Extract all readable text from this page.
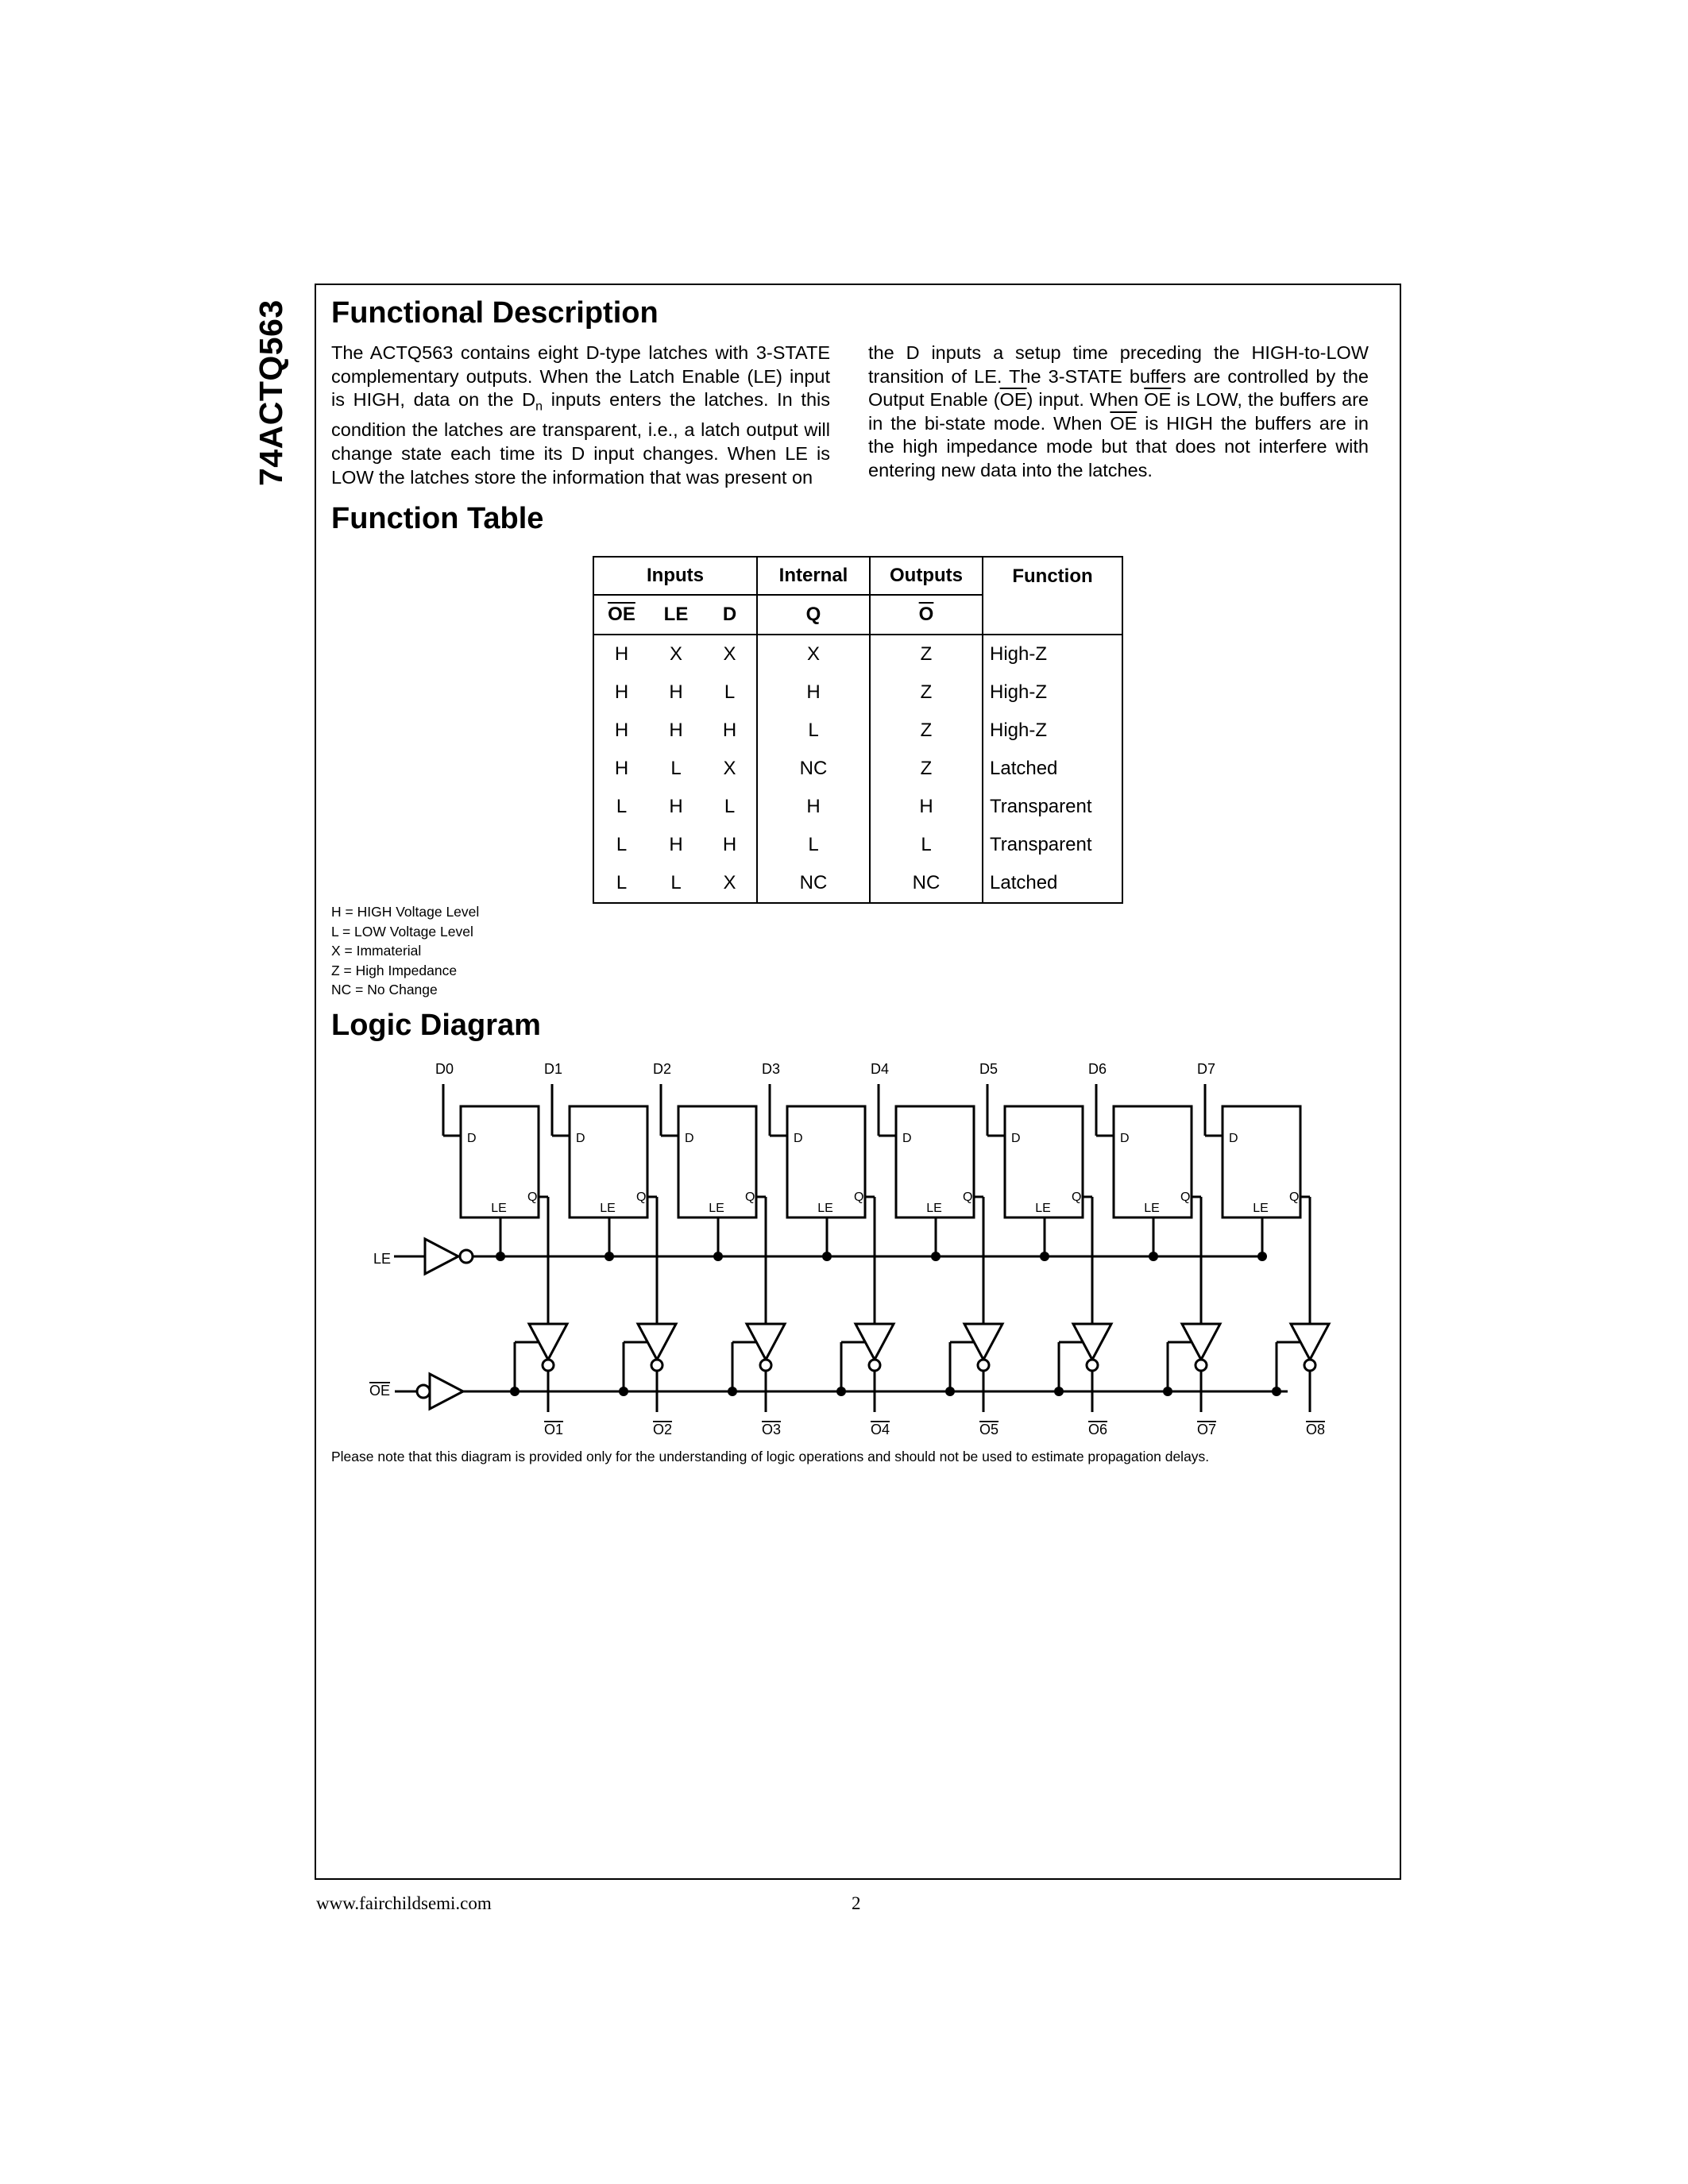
74ACTQ563	Functional Description
The ACTQ563 contains eight D-type latches with 3-STATE complementary outputs. When the Latch Enable (LE) input is HIGH, data on the $D_n$ inputs enters the latches. In this condition the latches are transparent, i.e., a latch output will change state each time its D input changes. When LE is LOW the latches store the information that was present on
the D inputs a setup time preceding the HIGH-to-LOW transition of LE. The 3-STATE buffers are controlled by the Output Enable $(\overline{OE})$ input. When $\overline{OE}$ is LOW, the buffers are in the bi-state mode. When $\overline{OE}$ is HIGH the buffers are in the high impedance mode but that does not interfere with entering new data into the latches.
Function Table
Inputs			Internal	Outputs	Function
$\overline{OE}$	LE	D	Q	$\overline{O}$
H	X	X	X	Z	High-Z
H	H	L	H	Z	High-Z
H	H	H	L	Z	High-Z
H	L	X	NC	Z	Latched
L	H	L	H	H	Transparent
L	H	H	L	L	Transparent
L	L	X	NC	NC	Latched
H = HIGH Voltage Level
L = LOW Voltage Level
X = Immaterial
Z = High Impedance
NC = No Change
Logic Diagram
LE
OE
D0
D
Q
LE
O1
D1
D
Q
LE
O2
D2
D
Q
LE
O3
D3
D
Q
LE
O4
D4
D
Q
LE
O5
D5
D
Q
LE
O6
D6
D
Q
LE
O7
D7
D
Q
LE
O8
Please note that this diagram is provided only for the understanding of logic operations and should not be used to estimate propagation delays.
www.fairchildsemi.com	2
